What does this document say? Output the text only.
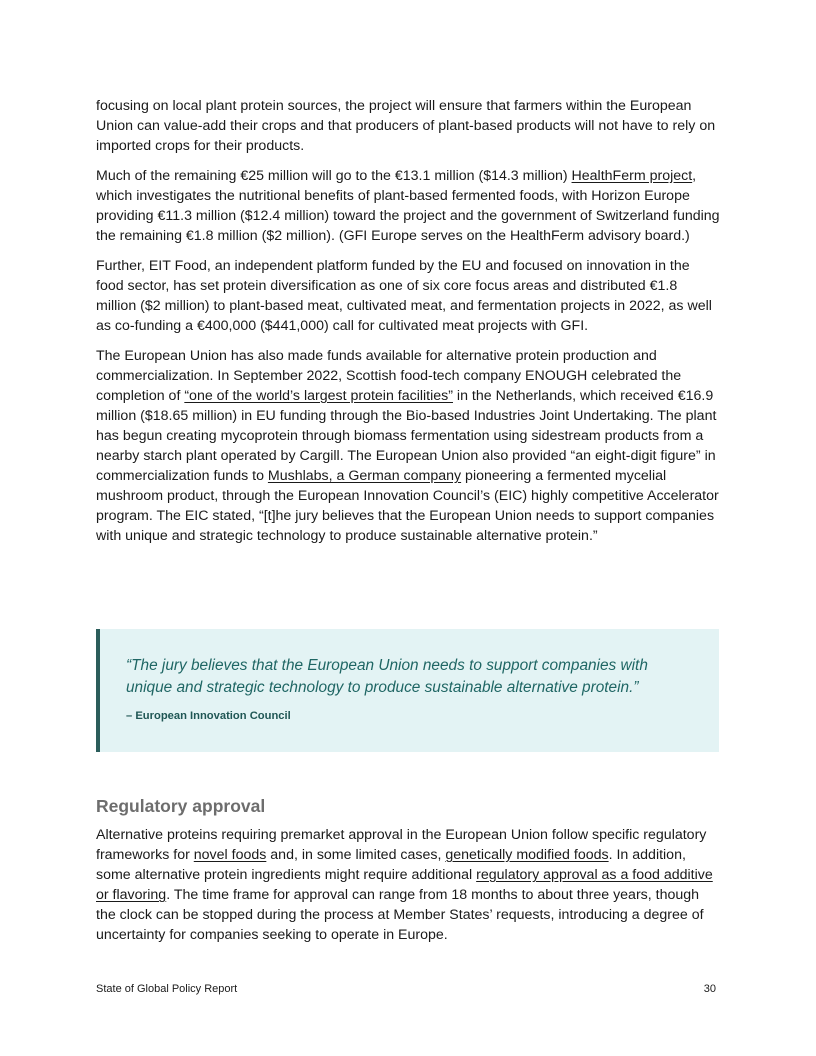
focusing on local plant protein sources, the project will ensure that farmers within the European Union can value-add their crops and that producers of plant-based products will not have to rely on imported crops for their products.

Much of the remaining €25 million will go to the €13.1 million ($14.3 million) HealthFerm project, which investigates the nutritional benefits of plant-based fermented foods, with Horizon Europe providing €11.3 million ($12.4 million) toward the project and the government of Switzerland funding the remaining €1.8 million ($2 million). (GFI Europe serves on the HealthFerm advisory board.)

Further, EIT Food, an independent platform funded by the EU and focused on innovation in the food sector, has set protein diversification as one of six core focus areas and distributed €1.8 million ($2 million) to plant-based meat, cultivated meat, and fermentation projects in 2022, as well as co-funding a €400,000 ($441,000) call for cultivated meat projects with GFI.

The European Union has also made funds available for alternative protein production and commercialization. In September 2022, Scottish food-tech company ENOUGH celebrated the completion of “one of the world’s largest protein facilities” in the Netherlands, which received €16.9 million ($18.65 million) in EU funding through the Bio-based Industries Joint Undertaking. The plant has begun creating mycoprotein through biomass fermentation using sidestream products from a nearby starch plant operated by Cargill. The European Union also provided “an eight-digit figure” in commercialization funds to Mushlabs, a German company pioneering a fermented mycelial mushroom product, through the European Innovation Council’s (EIC) highly competitive Accelerator program. The EIC stated, “[t]he jury believes that the European Union needs to support companies with unique and strategic technology to produce sustainable alternative protein.”

“The jury believes that the European Union needs to support companies with unique and strategic technology to produce sustainable alternative protein.”
– European Innovation Council
Regulatory approval

Alternative proteins requiring premarket approval in the European Union follow specific regulatory frameworks for novel foods and, in some limited cases, genetically modified foods. In addition, some alternative protein ingredients might require additional regulatory approval as a food additive or flavoring. The time frame for approval can range from 18 months to about three years, though the clock can be stopped during the process at Member States’ requests, introducing a degree of uncertainty for companies seeking to operate in Europe.

State of Global Policy Report	30
